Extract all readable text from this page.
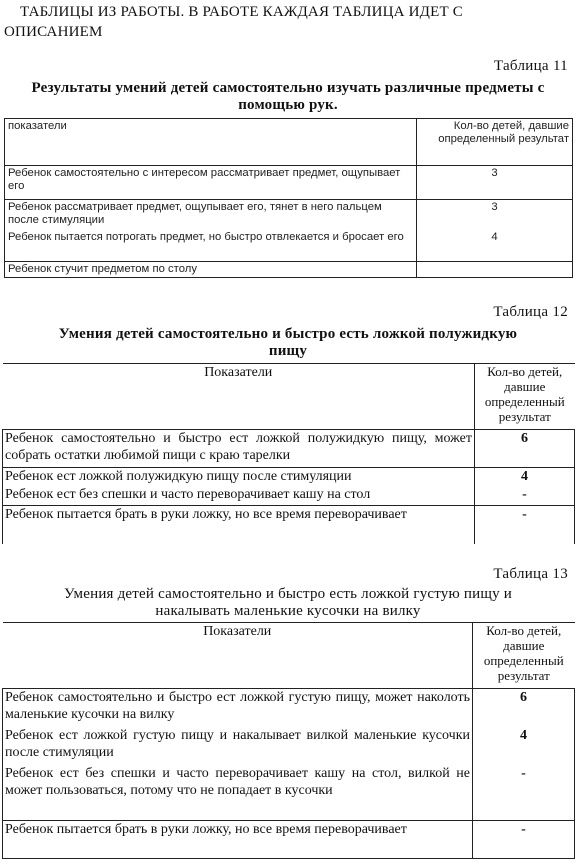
ТАБЛИЦЫ ИЗ РАБОТЫ. В РАБОТЕ КАЖДАЯ ТАБЛИЦА ИДЕТ С
ОПИСАНИЕМ
Таблица 11
Результаты умений детей самостоятельно изучать различные предметы с
помощью рук.
показатели	Кол-во детей, давшие определенный результат
Ребенок самостоятельно с интересом рассматривает предмет, ощупывает его	3
Ребенок рассматривает предмет, ощупывает его, тянет в него пальцем после стимуляции	3
Ребенок пытается потрогать предмет, но быстро отвлекается и бросает его	4
Ребенок стучит предметом по столу	
Таблица 12
Умения детей самостоятельно и быстро есть ложкой полужидкую
пищу
Показатели	Кол-во детей, давшие определенный результат
Ребенок самостоятельно и быстро ест ложкой полужидкую пищу, может собрать остатки любимой пищи с краю тарелки	6
Ребенок ест ложкой полужидкую пищу после стимуляции	4
Ребенок ест без спешки и часто переворачивает кашу на стол	-
Ребенок пытается брать в руки ложку, но все время переворачивает	-
Таблица 13
Умения детей самостоятельно и быстро есть ложкой густую пищу и
накалывать маленькие кусочки на вилку
Показатели	Кол-во детей, давшие определенный результат
Ребенок самостоятельно и быстро ест ложкой густую пищу, может наколоть маленькие кусочки на вилку	6
Ребенок ест ложкой густую пищу и накалывает вилкой маленькие кусочки после стимуляции	4
Ребенок ест без спешки и часто переворачивает кашу на стол, вилкой не может пользоваться, потому что не попадает в кусочки	-
Ребенок пытается брать в руки ложку, но все время переворачивает	-
